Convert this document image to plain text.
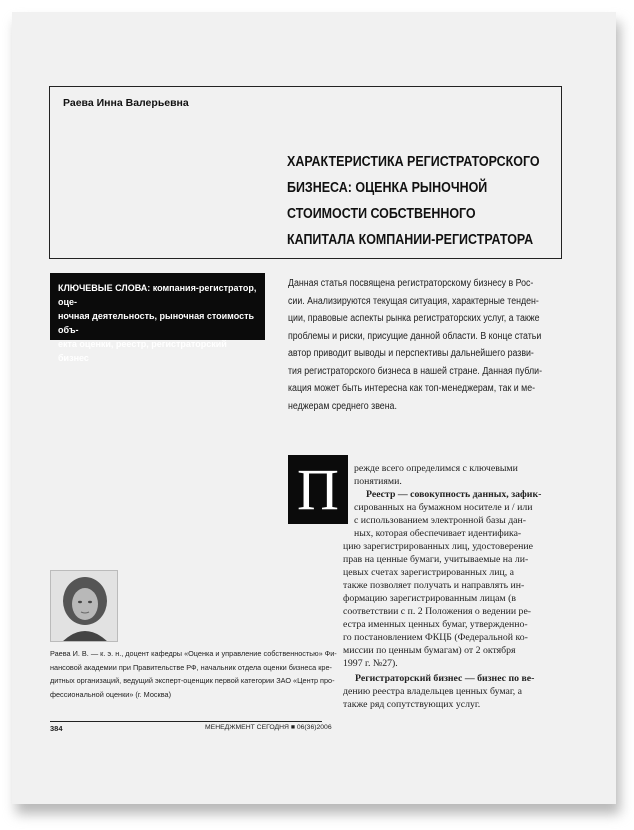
Раева Инна Валерьевна
ХАРАКТЕРИСТИКА РЕГИСТРАТОРСКОГО
БИЗНЕСА: ОЦЕНКА РЫНОЧНОЙ
СТОИМОСТИ СОБСТВЕННОГО
КАПИТАЛА КОМПАНИИ-РЕГИСТРАТОРА
КЛЮЧЕВЫЕ СЛОВА: компания-регистратор, оце-
ночная деятельность, рыночная стоимость объ-
екта оценки, реестр, регистраторский бизнес
Данная статья посвящена регистраторскому бизнесу в Рос-
сии. Анализируются текущая ситуация, характерные тенден-
ции, правовые аспекты рынка регистраторских услуг, а также
проблемы и риски, присущие данной области. В конце статьи
автор приводит выводы и перспективы дальнейшего разви-
тия регистраторского бизнеса в нашей стране. Данная публи-
кация может быть интересна как топ-менеджерам, так и ме-
неджерам среднего звена.
П	режде всего определимся с ключевыми
понятиями.
Реестр — совокупность данных, зафик-
сированных на бумажном носителе и / или
с использованием электронной базы дан-
ных, которая обеспечивает идентифика-
цию зарегистрированных лиц, удостоверение
прав на ценные бумаги, учитываемые на ли-
цевых счетах зарегистрированных лиц, а
также позволяет получать и направлять ин-
формацию зарегистрированным лицам (в
соответствии с п. 2 Положения о ведении ре-
естра именных ценных бумаг, утвержденно-
го постановлением ФКЦБ (Федеральной ко-
миссии по ценным бумагам) от 2 октября
1997 г. №27).
Регистраторский бизнес — бизнес по ве-
дению реестра владельцев ценных бумаг, а
также ряд сопутствующих услуг.
Раева И. В. — к. э. н., доцент кафедры «Оценка и управление собственностью» Фи-
нансовой академии при Правительстве РФ, начальник отдела оценки бизнеса кре-
дитных организаций, ведущий эксперт-оценщик первой категории ЗАО «Центр про-
фессиональной оценки» (г. Москва)
384	МЕНЕДЖМЕНТ СЕГОДНЯ ■ 06(36)2006
